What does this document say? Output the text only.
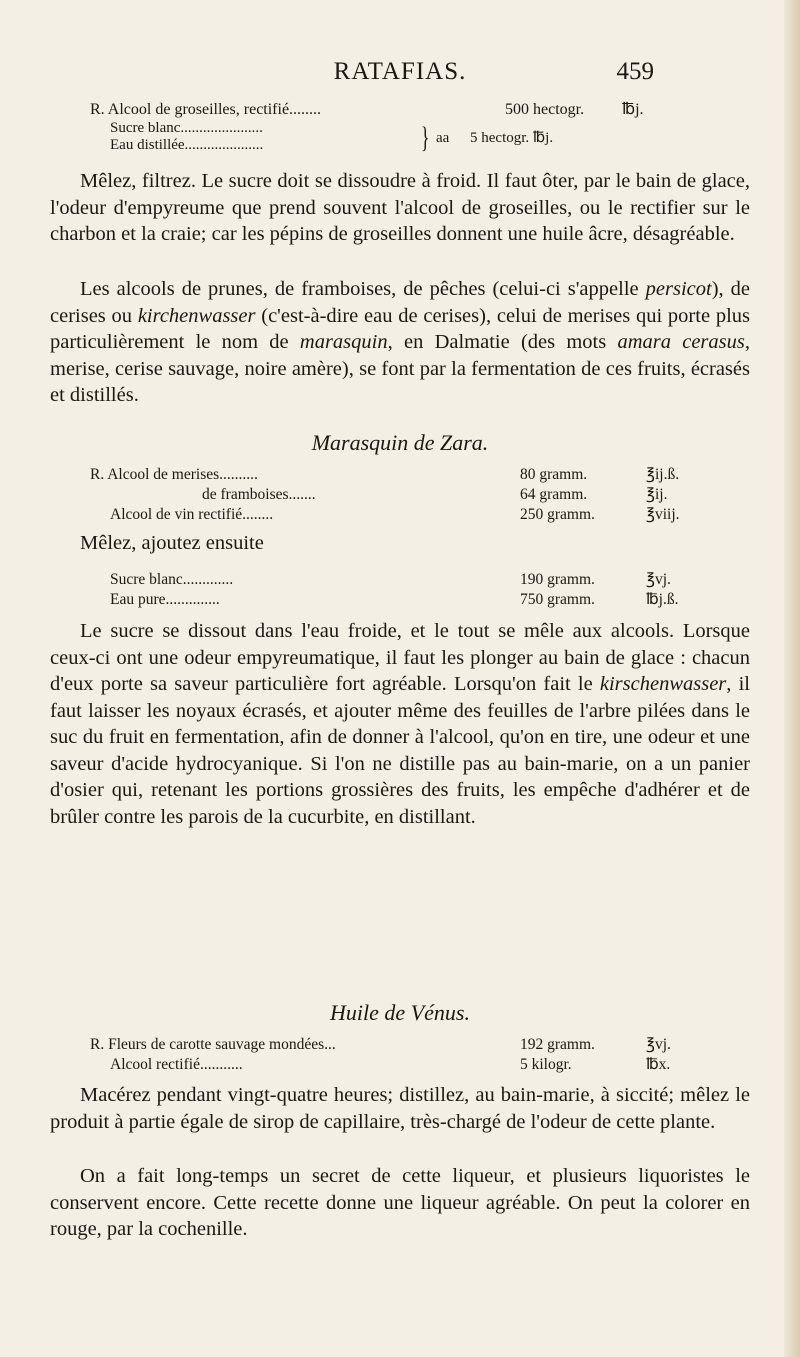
RATAFIAS.	459
R. Alcool de groseilles, rectifié........	500 hectogr. ℔j.
Sucre blanc......................
Eau distillée.....................	} aa 5 hectogr. ℔j.

Mêlez, filtrez. Le sucre doit se dissoudre à froid. Il faut ôter, par le bain de glace, l'odeur d'empyreume que prend souvent l'alcool de groseilles, ou le rectifier sur le charbon et la craie; car les pépins de groseilles donnent une huile âcre, désagréable.

Les alcools de prunes, de framboises, de pêches (celui-ci s'appelle persicot), de cerises ou kirchenwasser (c'est-à-dire eau de cerises), celui de merises qui porte plus particulièrement le nom de marasquin, en Dalmatie (des mots amara cerasus, merise, cerise sauvage, noire amère), se font par la fermentation de ces fruits, écrasés et distillés.

Marasquin de Zara.
R. Alcool de merises..........	80 gramm.	℥ij.ß.
de framboises.......	64 gramm.	℥ij.
Alcool de vin rectifié........	250 gramm.	℥viij.
Mêlez, ajoutez ensuite
Sucre blanc.............	190 gramm.	℥vj.
Eau pure..............	750 gramm.	℔j.ß.

Le sucre se dissout dans l'eau froide, et le tout se mêle aux alcools. Lorsque ceux-ci ont une odeur empyreumatique, il faut les plonger au bain de glace : chacun d'eux porte sa saveur particulière fort agréable. Lorsqu'on fait le kirschenwasser, il faut laisser les noyaux écrasés, et ajouter même des feuilles de l'arbre pilées dans le suc du fruit en fermentation, afin de donner à l'alcool, qu'on en tire, une odeur et une saveur d'acide hydrocyanique. Si l'on ne distille pas au bain-marie, on a un panier d'osier qui, retenant les portions grossières des fruits, les empêche d'adhérer et de brûler contre les parois de la cucurbite, en distillant.

Huile de Vénus.
R. Fleurs de carotte sauvage mondées...	192 gramm.	℥vj.
Alcool rectifié...........	5 kilogr.	℔x.

Macérez pendant vingt-quatre heures; distillez, au bain-marie, à siccité; mêlez le produit à partie égale de sirop de capillaire, très-chargé de l'odeur de cette plante.

On a fait long-temps un secret de cette liqueur, et plusieurs liquoristes le conservent encore. Cette recette donne une liqueur agréable. On peut la colorer en rouge, par la cochenille.
